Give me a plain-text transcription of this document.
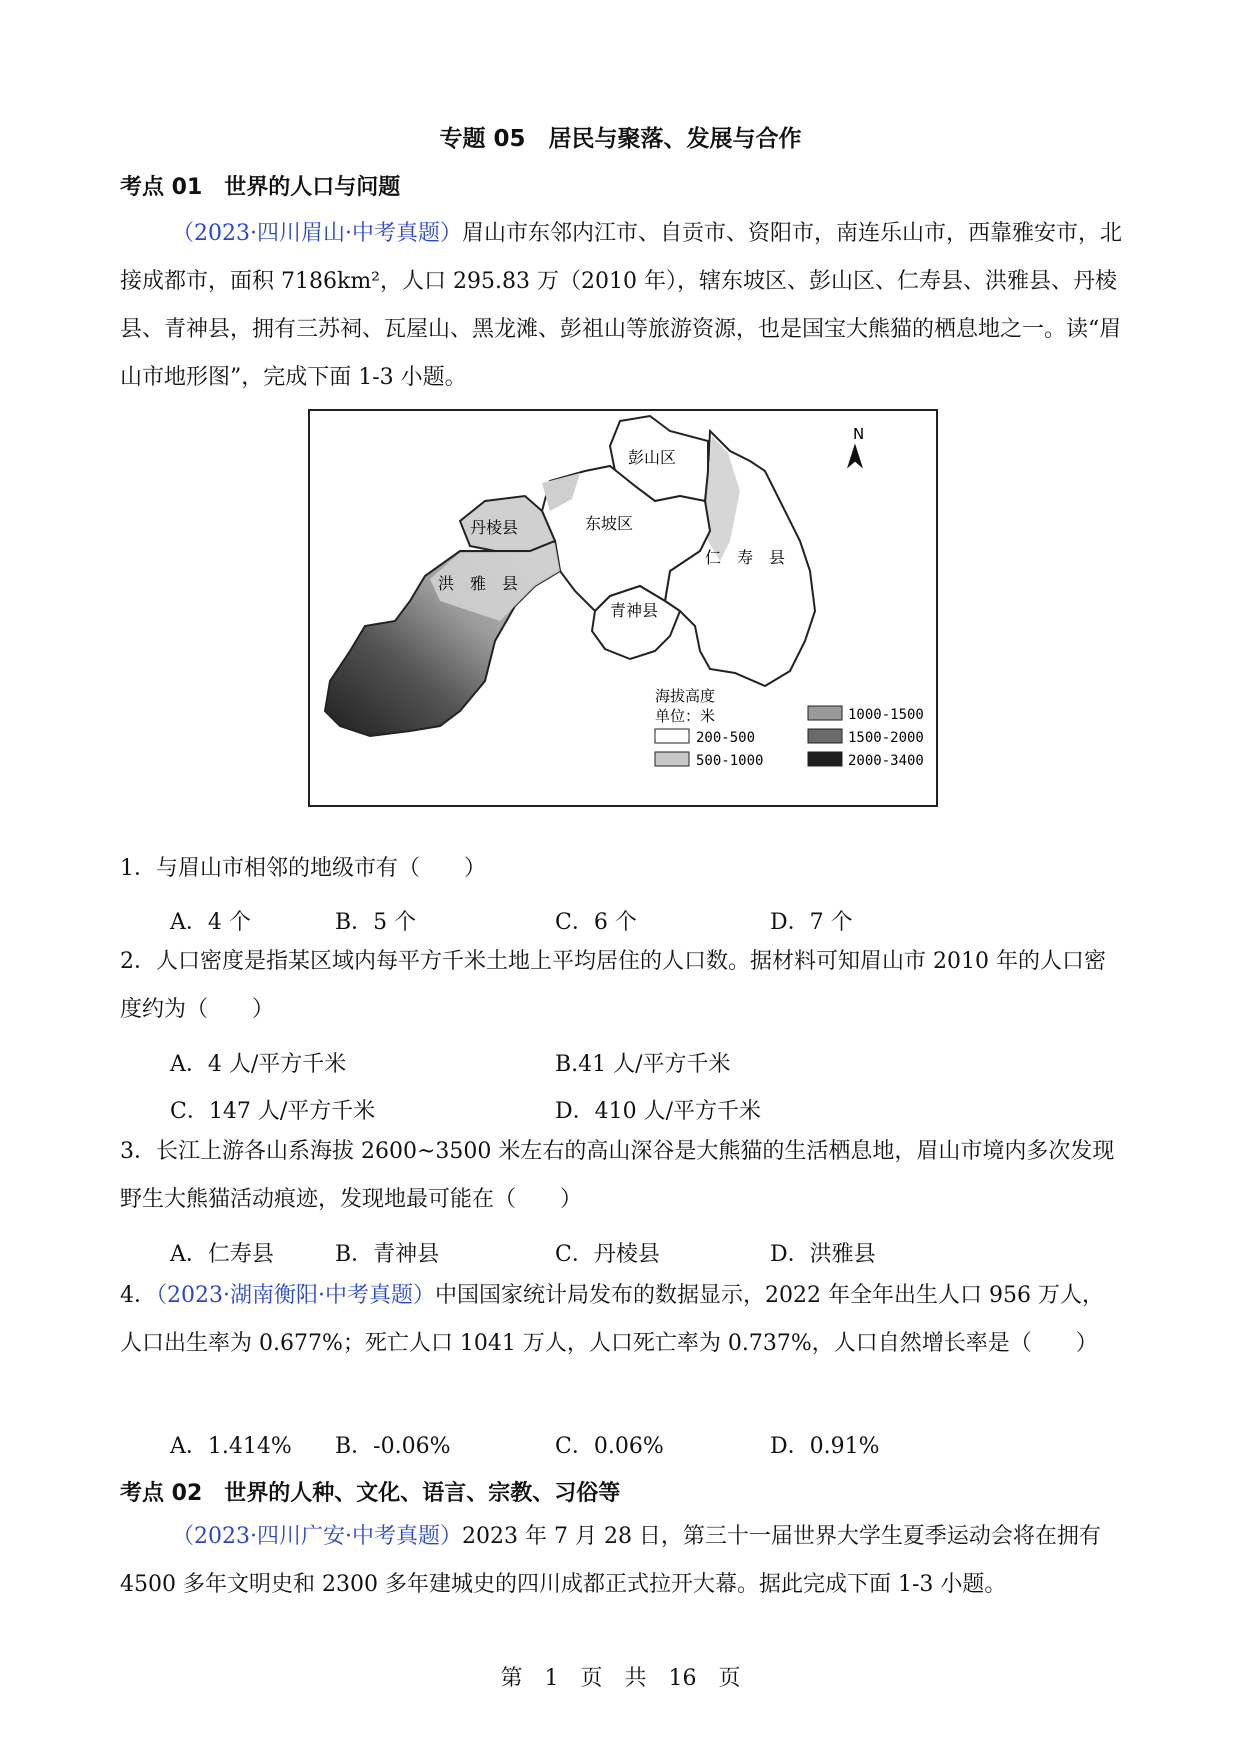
专题 05　居民与聚落、发展与合作
考点 01　世界的人口与问题
（2023·四川眉山·中考真题）眉山市东邻内江市、自贡市、资阳市，南连乐山市，西靠雅安市，北接成都市，面积 7186km²，人口 295.83 万（2010 年），辖东坡区、彭山区、仁寿县、洪雅县、丹棱县、青神县，拥有三苏祠、瓦屋山、黑龙滩、彭祖山等旅游资源，也是国宝大熊猫的栖息地之一。读“眉山市地形图”，完成下面 1-3 小题。
N
彭山区
东坡区
丹棱县
洪　雅　县
仁　寿　县
青神县
海拔高度
单位：米
200-500
500-1000
1000-1500
1500-2000
2000-3400
1．与眉山市相邻的地级市有（　　）
A．4 个	B．5 个	C．6 个	D．7 个
2．人口密度是指某区域内每平方千米土地上平均居住的人口数。据材料可知眉山市 2010 年的人口密度约为（　　）
A．4 人/平方千米	B.41 人/平方千米
C．147 人/平方千米	D．410 人/平方千米
3．长江上游各山系海拔 2600~3500 米左右的高山深谷是大熊猫的生活栖息地，眉山市境内多次发现野生大熊猫活动痕迹，发现地最可能在（　　）
A．仁寿县	B．青神县	C．丹棱县	D．洪雅县
4．（2023·湖南衡阳·中考真题）中国国家统计局发布的数据显示，2022 年全年出生人口 956 万人，人口出生率为 0.677%；死亡人口 1041 万人，人口死亡率为 0.737%，人口自然增长率是（　　）
A．1.414% B．-0.06%	C．0.06%	D．0.91%
考点 02　世界的人种、文化、语言、宗教、习俗等
（2023·四川广安·中考真题）2023 年 7 月 28 日，第三十一届世界大学生夏季运动会将在拥有 4500 多年文明史和 2300 多年建城史的四川成都正式拉开大幕。据此完成下面 1-3 小题。
第　1　页　共　16　页
